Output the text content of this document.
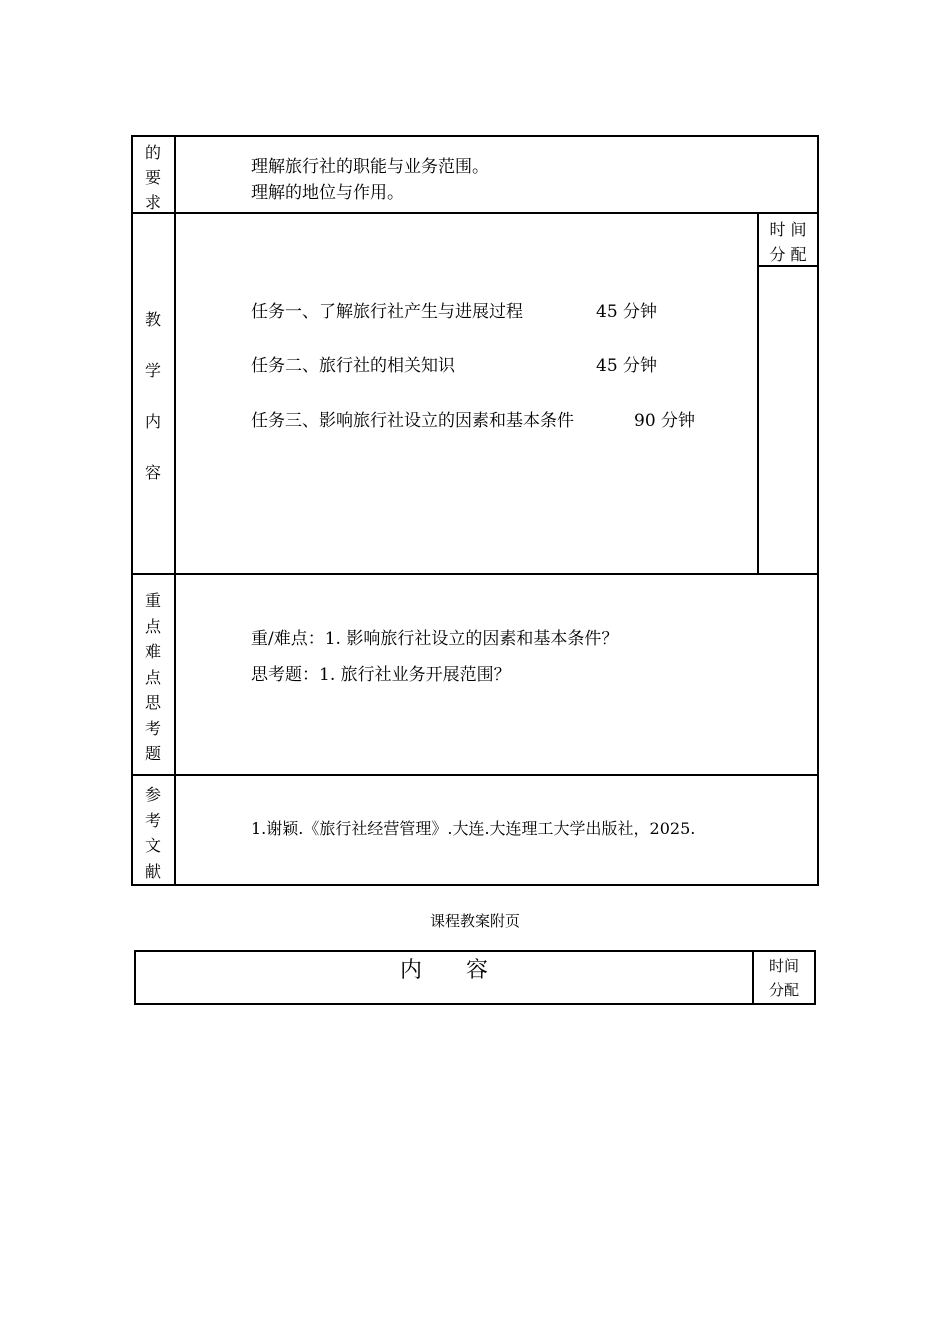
的
要
求
理解旅行社的职能与业务范围。
理解的地位与作用。
教
学
内
容
时 间
分 配
任务一、了解旅行社产生与进展过程	45 分钟
任务二、旅行社的相关知识	45 分钟
任务三、影响旅行社设立的因素和基本条件	90 分钟
重
点
难
点
思
考
题
重/难点：1. 影响旅行社设立的因素和基本条件？
思考题：1. 旅行社业务开展范围？
参
考
文
献
1.谢颖.《旅行社经营管理》.大连.大连理工大学出版社，2025.
课程教案附页
内　　容	时间
分配
